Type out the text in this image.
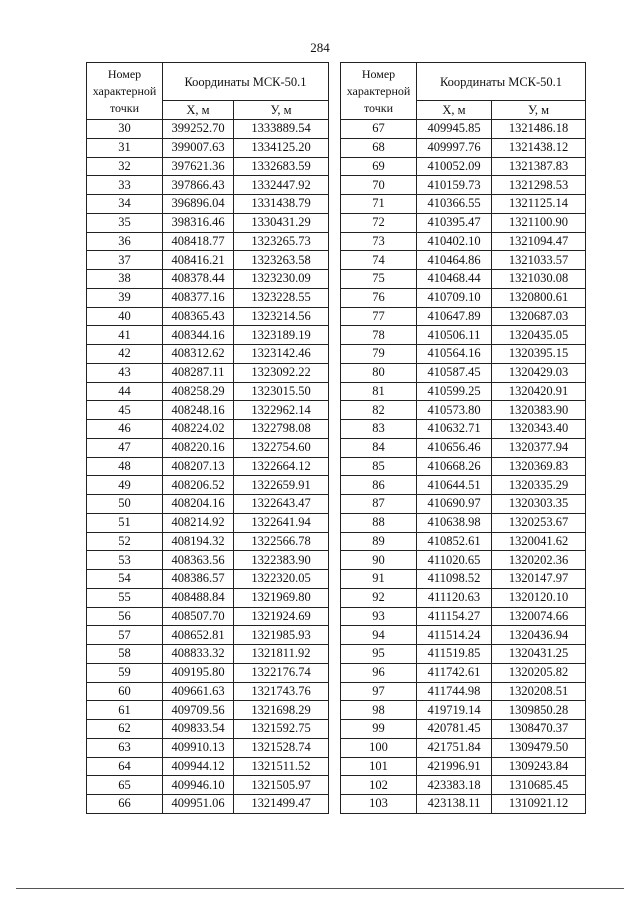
284
Номер характерной точки	Координаты МСК-50.1	
	Х, м	У, м
30	399252.70	1333889.54
31	399007.63	1334125.20
32	397621.36	1332683.59
33	397866.43	1332447.92
34	396896.04	1331438.79
35	398316.46	1330431.29
36	408418.77	1323265.73
37	408416.21	1323263.58
38	408378.44	1323230.09
39	408377.16	1323228.55
40	408365.43	1323214.56
41	408344.16	1323189.19
42	408312.62	1323142.46
43	408287.11	1323092.22
44	408258.29	1323015.50
45	408248.16	1322962.14
46	408224.02	1322798.08
47	408220.16	1322754.60
48	408207.13	1322664.12
49	408206.52	1322659.91
50	408204.16	1322643.47
51	408214.92	1322641.94
52	408194.32	1322566.78
53	408363.56	1322383.90
54	408386.57	1322320.05
55	408488.84	1321969.80
56	408507.70	1321924.69
57	408652.81	1321985.93
58	408833.32	1321811.92
59	409195.80	1322176.74
60	409661.63	1321743.76
61	409709.56	1321698.29
62	409833.54	1321592.75
63	409910.13	1321528.74
64	409944.12	1321511.52
65	409946.10	1321505.97
66	409951.06	1321499.47
Номер характерной точки	Координаты МСК-50.1	
	Х, м	У, м
67	409945.85	1321486.18
68	409997.76	1321438.12
69	410052.09	1321387.83
70	410159.73	1321298.53
71	410366.55	1321125.14
72	410395.47	1321100.90
73	410402.10	1321094.47
74	410464.86	1321033.57
75	410468.44	1321030.08
76	410709.10	1320800.61
77	410647.89	1320687.03
78	410506.11	1320435.05
79	410564.16	1320395.15
80	410587.45	1320429.03
81	410599.25	1320420.91
82	410573.80	1320383.90
83	410632.71	1320343.40
84	410656.46	1320377.94
85	410668.26	1320369.83
86	410644.51	1320335.29
87	410690.97	1320303.35
88	410638.98	1320253.67
89	410852.61	1320041.62
90	411020.65	1320202.36
91	411098.52	1320147.97
92	411120.63	1320120.10
93	411154.27	1320074.66
94	411514.24	1320436.94
95	411519.85	1320431.25
96	411742.61	1320205.82
97	411744.98	1320208.51
98	419719.14	1309850.28
99	420781.45	1308470.37
100	421751.84	1309479.50
101	421996.91	1309243.84
102	423383.18	1310685.45
103	423138.11	1310921.12
